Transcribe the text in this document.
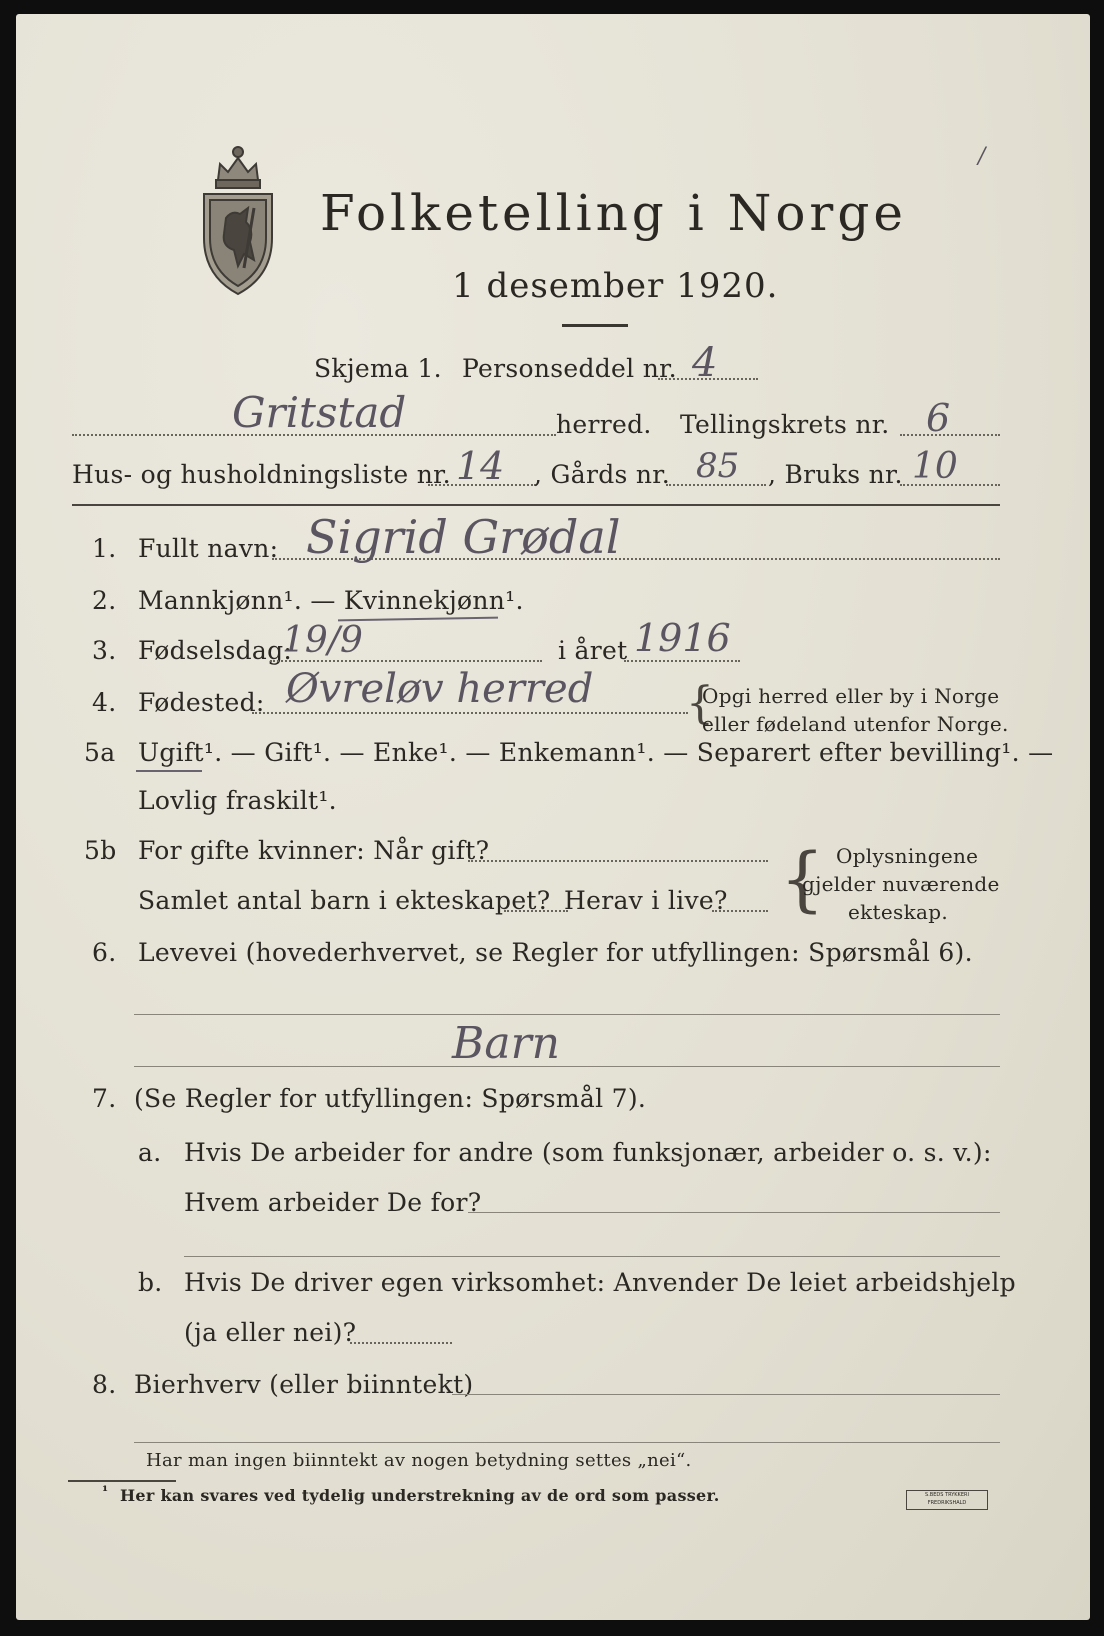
Folketelling i Norge
1 desember 1920.
/
Skjema 1. Personseddel nr. 4
Gritstad	herred. Tellingskrets nr. 6
Hus- og husholdningsliste nr. 14 , Gårds nr. 85 , Bruks nr. 10
1. Fullt navn: Sigrid Grødal
2. Mannkjønn¹. — Kvinnekjønn¹.
3. Fødselsdag:
19/9	i året 1916
4. Fødested: Øvreløv herred {
Opgi herred eller by i Norge
eller fødeland utenfor Norge.
5a Ugift¹. — Gift¹. — Enke¹. — Enkemann¹. — Separert efter bevilling¹. —
Lovlig fraskilt¹.
5b For gifte kvinner: Når gift?
Samlet antal barn i ekteskapet? Herav i live? { Oplysningene
gjelder nuværende
ekteskap.
6. Levevei (hovederhvervet, se Regler for utfyllingen: Spørsmål 6).
Barn
7. (Se Regler for utfyllingen: Spørsmål 7).
a. Hvis De arbeider for andre (som funksjonær, arbeider o. s. v.):
Hvem arbeider De for?
b. Hvis De driver egen virksomhet: Anvender De leiet arbeidshjelp
(ja eller nei)?
8. Bierhverv (eller biinntekt)
Har man ingen biinntekt av nogen betydning settes „nei“.
¹ Her kan svares ved tydelig understrekning av de ord som passer.	S.BEDS TRYKKERI
FREDRIKSHALD
